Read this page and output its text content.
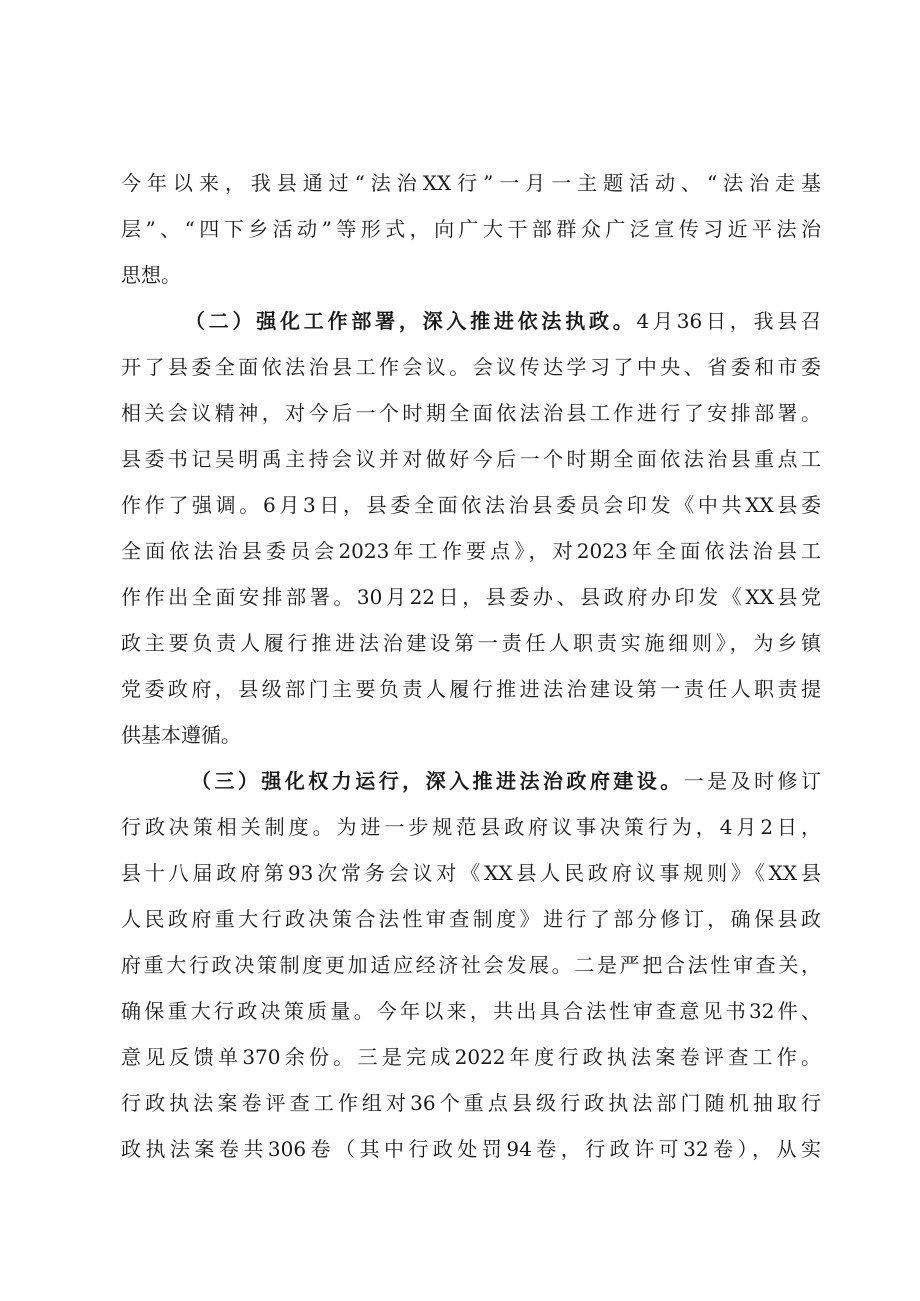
今年以来，我县通过“法治XX行”一月一主题活动、“法治走基
层”、“四下乡活动”等形式，向广大干部群众广泛宣传习近平法治
思想。
（二）强化工作部署，深入推进依法执政。4月36日，我县召
开了县委全面依法治县工作会议。会议传达学习了中央、省委和市委
相关会议精神，对今后一个时期全面依法治县工作进行了安排部署。
县委书记吴明禹主持会议并对做好今后一个时期全面依法治县重点工
作作了强调。6月3日，县委全面依法治县委员会印发《中共XX县委
全面依法治县委员会2023年工作要点》，对2023年全面依法治县工
作作出全面安排部署。30月22日，县委办、县政府办印发《XX县党
政主要负责人履行推进法治建设第一责任人职责实施细则》，为乡镇
党委政府，县级部门主要负责人履行推进法治建设第一责任人职责提
供基本遵循。
（三）强化权力运行，深入推进法治政府建设。一是及时修订
行政决策相关制度。为进一步规范县政府议事决策行为，4月2日，
县十八届政府第93次常务会议对《XX县人民政府议事规则》《XX县
人民政府重大行政决策合法性审查制度》进行了部分修订，确保县政
府重大行政决策制度更加适应经济社会发展。二是严把合法性审查关，
确保重大行政决策质量。今年以来，共出具合法性审查意见书32件、
意见反馈单370余份。三是完成2022年度行政执法案卷评查工作。
行政执法案卷评查工作组对36个重点县级行政执法部门随机抽取行
政执法案卷共306卷（其中行政处罚94卷，行政许可32卷），从实
